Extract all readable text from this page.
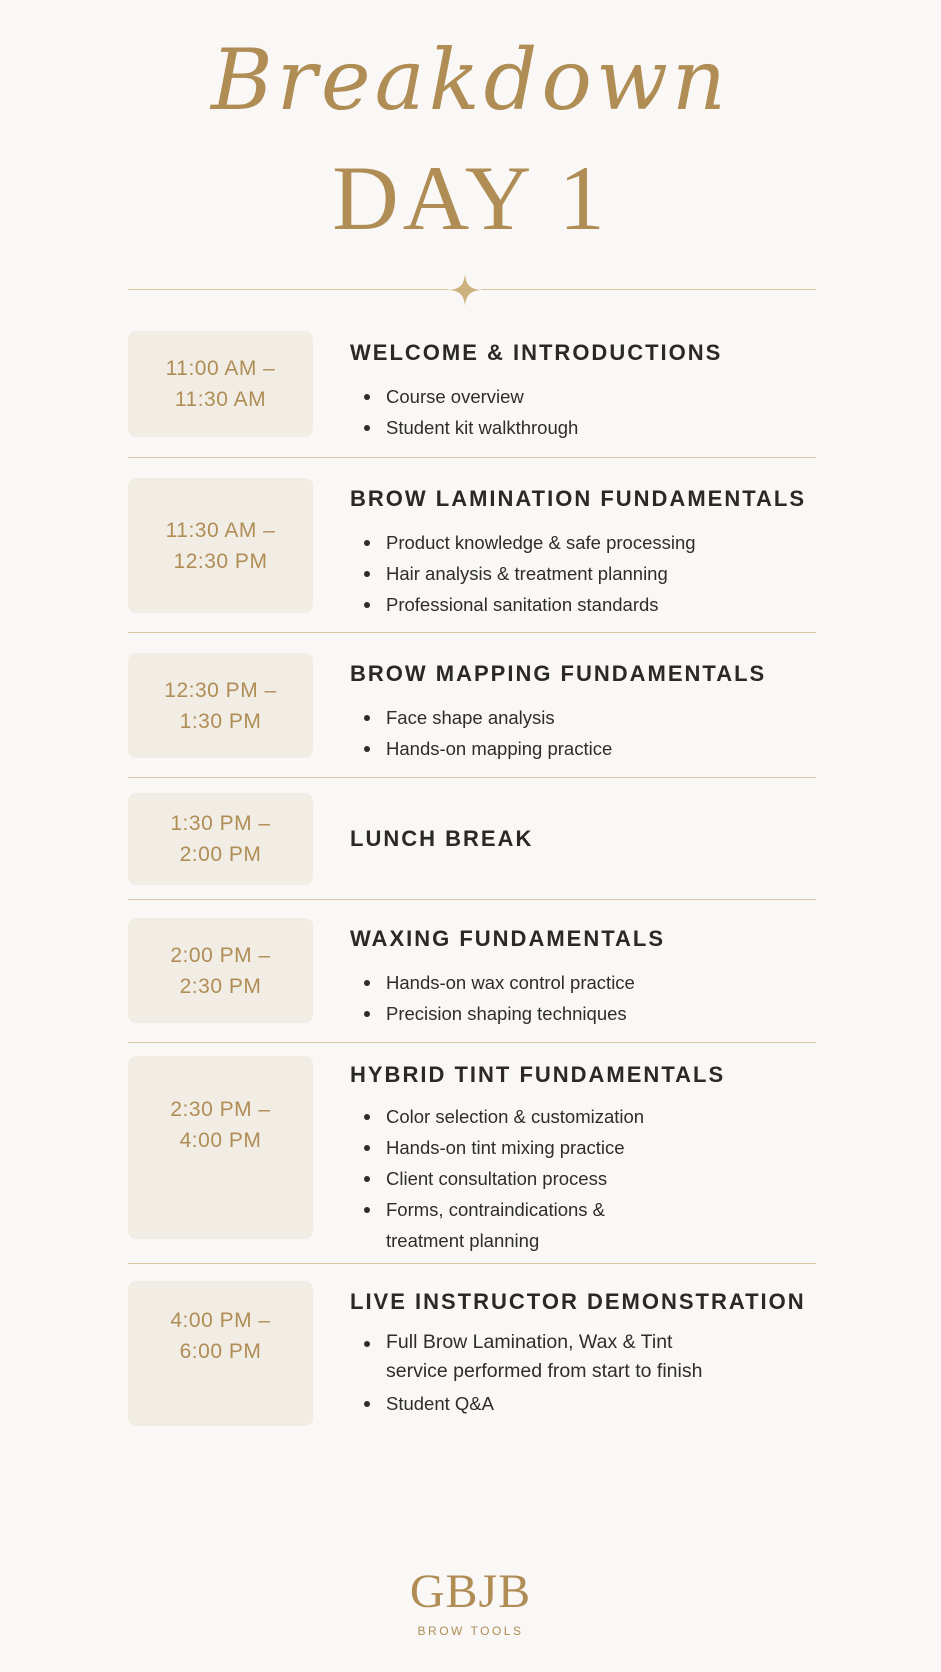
Breakdown
DAY 1
11:00 AM –
11:30 AM
WELCOME & INTRODUCTIONS
Course overview
Student kit walkthrough
11:30 AM –
12:30 PM
BROW LAMINATION FUNDAMENTALS
Product knowledge & safe processing
Hair analysis & treatment planning
Professional sanitation standards
12:30 PM –
1:30 PM
BROW MAPPING FUNDAMENTALS
Face shape analysis
Hands-on mapping practice
1:30 PM –
2:00 PM
LUNCH BREAK
2:00 PM –
2:30 PM
WAXING FUNDAMENTALS
Hands-on wax control practice
Precision shaping techniques
2:30 PM –
4:00 PM
HYBRID TINT FUNDAMENTALS
Color selection & customization
Hands-on tint mixing practice
Client consultation process
Forms, contraindications & treatment planning
4:00 PM –
6:00 PM
LIVE INSTRUCTOR DEMONSTRATION
Full Brow Lamination, Wax & Tint service performed from start to finish
Student Q&A
GBJB
BROW TOOLS
